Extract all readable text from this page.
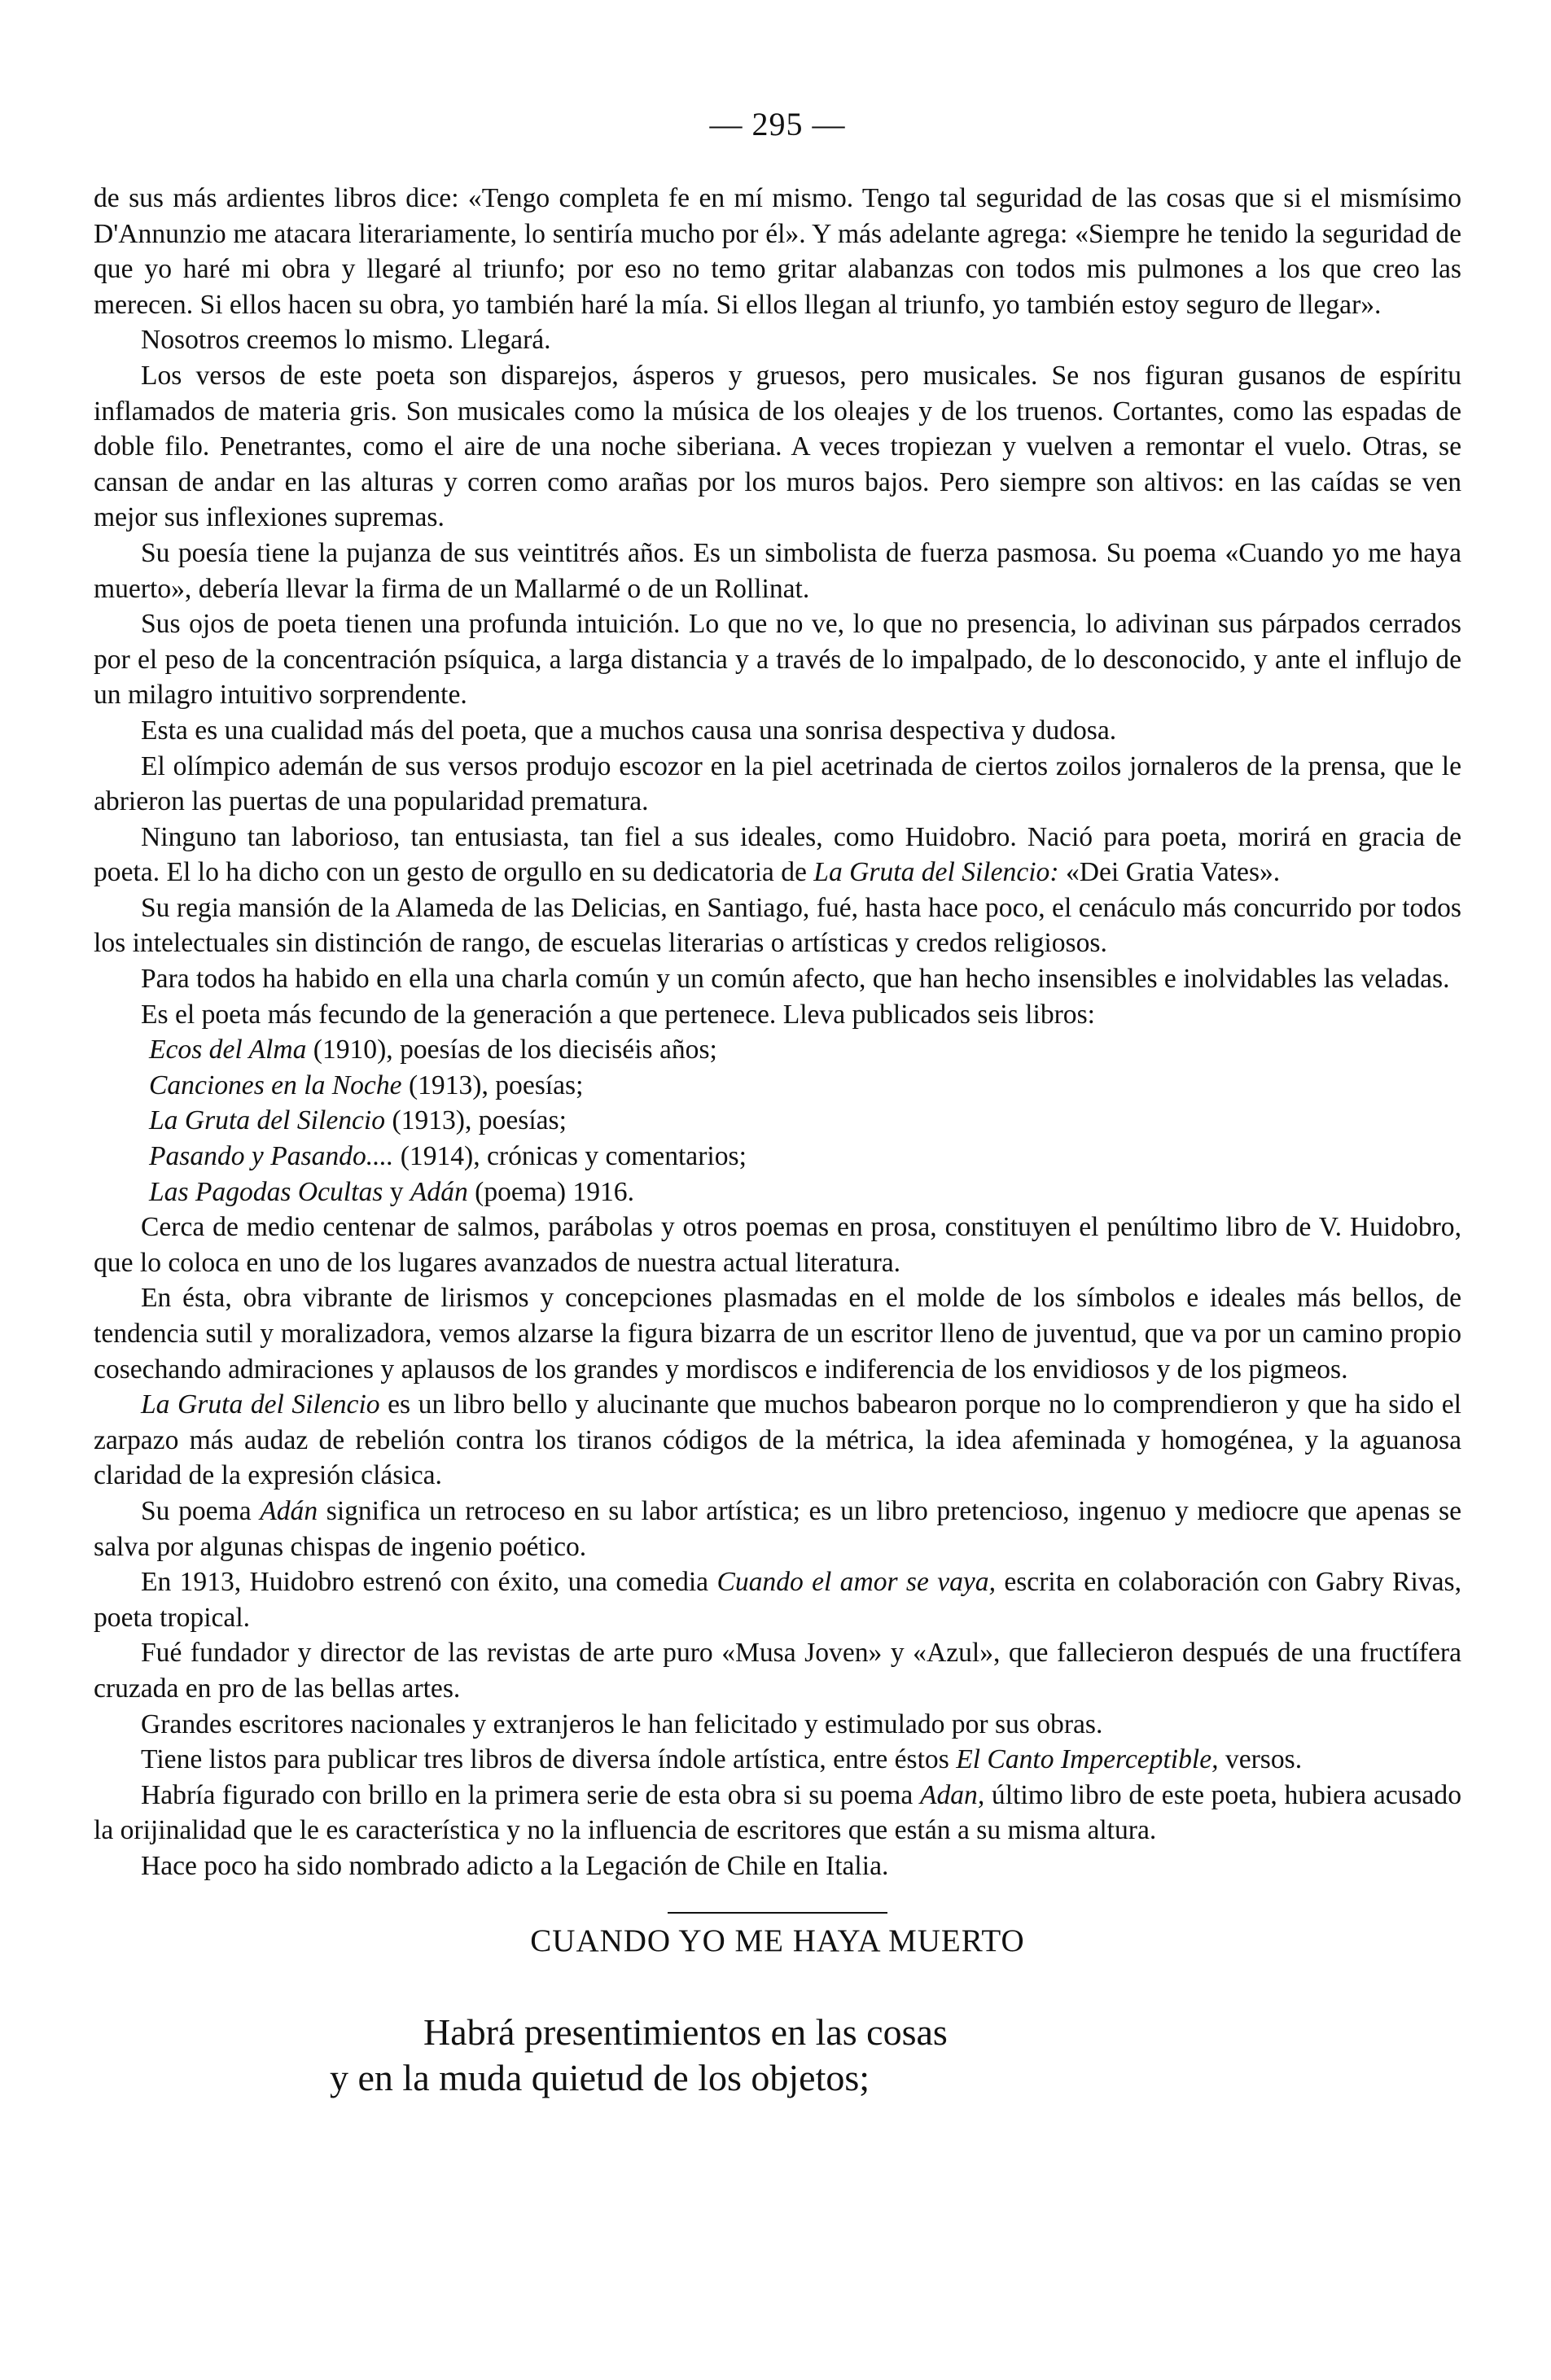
— 295 —

de sus más ardientes libros dice: «Tengo completa fe en mí mismo. Tengo tal seguridad de las cosas que si el mismísimo D'Annunzio me atacara literariamente, lo sentiría mucho por él». Y más adelante agrega: «Siempre he tenido la seguridad de que yo haré mi obra y llegaré al triunfo; por eso no temo gritar alabanzas con todos mis pulmones a los que creo las merecen. Si ellos hacen su obra, yo también haré la mía. Si ellos llegan al triunfo, yo también estoy seguro de llegar».

Nosotros creemos lo mismo. Llegará.

Los versos de este poeta son disparejos, ásperos y gruesos, pero musicales. Se nos figuran gusanos de espíritu inflamados de materia gris. Son musicales como la música de los oleajes y de los truenos. Cortantes, como las espadas de doble filo. Penetrantes, como el aire de una noche siberiana. A veces tropiezan y vuelven a remontar el vuelo. Otras, se cansan de andar en las alturas y corren como arañas por los muros bajos. Pero siempre son altivos: en las caídas se ven mejor sus inflexiones supremas.

Su poesía tiene la pujanza de sus veintitrés años. Es un simbolista de fuerza pasmosa. Su poema «Cuando yo me haya muerto», debería llevar la firma de un Mallarmé o de un Rollinat.

Sus ojos de poeta tienen una profunda intuición. Lo que no ve, lo que no presencia, lo adivinan sus párpados cerrados por el peso de la concentración psíquica, a larga distancia y a través de lo impalpado, de lo desconocido, y ante el influjo de un milagro intuitivo sorprendente.

Esta es una cualidad más del poeta, que a muchos causa una sonrisa despectiva y dudosa.

El olímpico ademán de sus versos produjo escozor en la piel acetrinada de ciertos zoilos jornaleros de la prensa, que le abrieron las puertas de una popularidad prematura.

Ninguno tan laborioso, tan entusiasta, tan fiel a sus ideales, como Huidobro. Nació para poeta, morirá en gracia de poeta. El lo ha dicho con un gesto de orgullo en su dedicatoria de La Gruta del Silencio: «Dei Gratia Vates».

Su regia mansión de la Alameda de las Delicias, en Santiago, fué, hasta hace poco, el cenáculo más concurrido por todos los intelectuales sin distinción de rango, de escuelas literarias o artísticas y credos religiosos.

Para todos ha habido en ella una charla común y un común afecto, que han hecho insensibles e inolvidables las veladas.

Es el poeta más fecundo de la generación a que pertenece. Lleva publicados seis libros:

Ecos del Alma (1910), poesías de los dieciséis años;

Canciones en la Noche (1913), poesías;

La Gruta del Silencio (1913), poesías;

Pasando y Pasando.... (1914), crónicas y comentarios;

Las Pagodas Ocultas y Adán (poema) 1916.

Cerca de medio centenar de salmos, parábolas y otros poemas en prosa, constituyen el penúltimo libro de V. Huidobro, que lo coloca en uno de los lugares avanzados de nuestra actual literatura.

En ésta, obra vibrante de lirismos y concepciones plasmadas en el molde de los símbolos e ideales más bellos, de tendencia sutil y moralizadora, vemos alzarse la figura bizarra de un escritor lleno de juventud, que va por un camino propio cosechando admiraciones y aplausos de los grandes y mordiscos e indiferencia de los envidiosos y de los pigmeos.

La Gruta del Silencio es un libro bello y alucinante que muchos babearon porque no lo comprendieron y que ha sido el zarpazo más audaz de rebelión contra los tiranos códigos de la métrica, la idea afeminada y homogénea, y la aguanosa claridad de la expresión clásica.

Su poema Adán significa un retroceso en su labor artística; es un libro pretencioso, ingenuo y mediocre que apenas se salva por algunas chispas de ingenio poético.

En 1913, Huidobro estrenó con éxito, una comedia Cuando el amor se vaya, escrita en colaboración con Gabry Rivas, poeta tropical.

Fué fundador y director de las revistas de arte puro «Musa Joven» y «Azul», que fallecieron después de una fructífera cruzada en pro de las bellas artes.

Grandes escritores nacionales y extranjeros le han felicitado y estimulado por sus obras.

Tiene listos para publicar tres libros de diversa índole artística, entre éstos El Canto Imperceptible, versos.

Habría figurado con brillo en la primera serie de esta obra si su poema Adan, último libro de este poeta, hubiera acusado la orijinalidad que le es característica y no la influencia de escritores que están a su misma altura.

Hace poco ha sido nombrado adicto a la Legación de Chile en Italia.

CUANDO YO ME HAYA MUERTO
Habrá presentimientos en las cosas
y en la muda quietud de los objetos;
